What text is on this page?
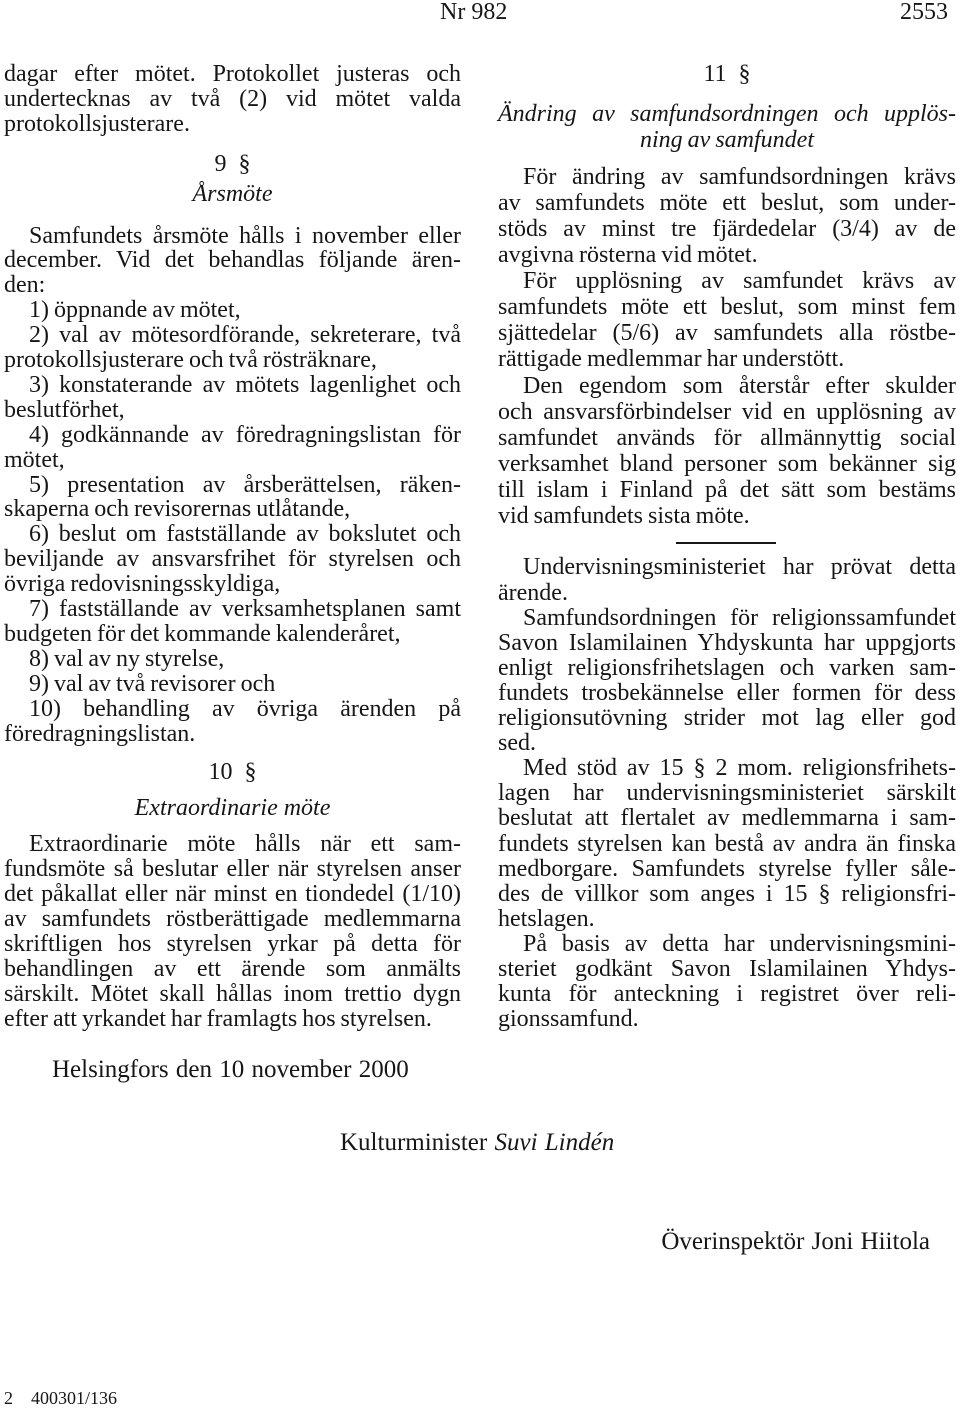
Nr 982	2553
dagar efter mötet. Protokollet justeras och
undertecknas av två (2) vid mötet valda
protokollsjusterare.
9 §
Årsmöte
Samfundets årsmöte hålls i november eller
december. Vid det behandlas följande ären-
den:
1) öppnande av mötet,
2) val av mötesordförande, sekreterare, två
protokollsjusterare och två rösträknare,
3) konstaterande av mötets lagenlighet och
beslutförhet,
4) godkännande av föredragningslistan för
mötet,
5) presentation av årsberättelsen, räken-
skaperna och revisorernas utlåtande,
6) beslut om fastställande av bokslutet och
beviljande av ansvarsfrihet för styrelsen och
övriga redovisningsskyldiga,
7) fastställande av verksamhetsplanen samt
budgeten för det kommande kalenderåret,
8) val av ny styrelse,
9) val av två revisorer och
10) behandling av övriga ärenden på
föredragningslistan.
10 §
Extraordinarie möte
Extraordinarie möte hålls när ett sam-
fundsmöte så beslutar eller när styrelsen anser
det påkallat eller när minst en tiondedel (1/10)
av samfundets röstberättigade medlemmarna
skriftligen hos styrelsen yrkar på detta för
behandlingen av ett ärende som anmälts
särskilt. Mötet skall hållas inom trettio dygn
efter att yrkandet har framlagts hos styrelsen.
11 §
Ändring av samfundsordningen och upplös-
ning av samfundet
För ändring av samfundsordningen krävs
av samfundets möte ett beslut, som under-
stöds av minst tre fjärdedelar (3/4) av de
avgivna rösterna vid mötet.
För upplösning av samfundet krävs av
samfundets möte ett beslut, som minst fem
sjättedelar (5/6) av samfundets alla röstbe-
rättigade medlemmar har understött.
Den egendom som återstår efter skulder
och ansvarsförbindelser vid en upplösning av
samfundet används för allmännyttig social
verksamhet bland personer som bekänner sig
till islam i Finland på det sätt som bestäms
vid samfundets sista möte.
Undervisningsministeriet har prövat detta
ärende.
Samfundsordningen för religionssamfundet
Savon Islamilainen Yhdyskunta har uppgjorts
enligt religionsfrihetslagen och varken sam-
fundets trosbekännelse eller formen för dess
religionsutövning strider mot lag eller god
sed.
Med stöd av 15 § 2 mom. religionsfrihets-
lagen har undervisningsministeriet särskilt
beslutat att flertalet av medlemmarna i sam-
fundets styrelsen kan bestå av andra än finska
medborgare. Samfundets styrelse fyller såle-
des de villkor som anges i 15 § religionsfri-
hetslagen.
På basis av detta har undervisningsmini-
steriet godkänt Savon Islamilainen Yhdys-
kunta för anteckning i registret över reli-
gionssamfund.
Helsingfors den 10 november 2000
Kulturminister Suvi Lindén
Överinspektör Joni Hiitola
2 400301/136
